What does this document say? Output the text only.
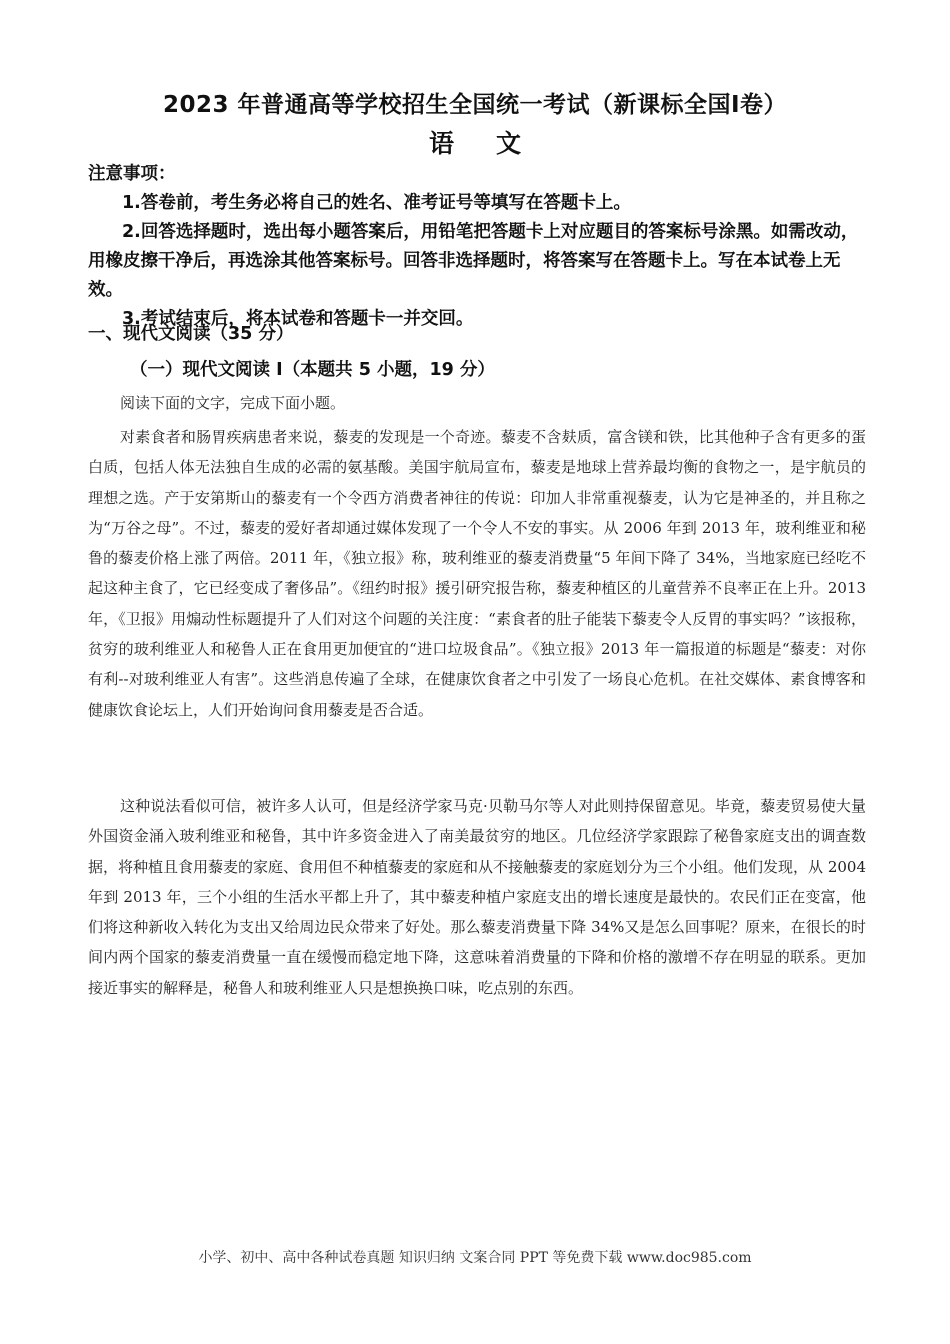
2023 年普通高等学校招生全国统一考试（新课标全国Ⅰ卷）
语文
注意事项：
1.答卷前，考生务必将自己的姓名、准考证号等填写在答题卡上。
2.回答选择题时，选出每小题答案后，用铅笔把答题卡上对应题目的答案标号涂黑。如需改动，用橡皮擦干净后，再选涂其他答案标号。回答非选择题时，将答案写在答题卡上。写在本试卷上无效。
3.考试结束后，将本试卷和答题卡一并交回。
一、现代文阅读（35 分）
（一）现代文阅读 I（本题共 5 小题，19 分）
阅读下面的文字，完成下面小题。

对素食者和肠胃疾病患者来说，藜麦的发现是一个奇迹。藜麦不含麸质，富含镁和铁，比其他种子含有更多的蛋白质，包括人体无法独自生成的必需的氨基酸。美国宇航局宣布，藜麦是地球上营养最均衡的食物之一，是宇航员的理想之选。产于安第斯山的藜麦有一个令西方消费者神往的传说：印加人非常重视藜麦，认为它是神圣的，并且称之为“万谷之母”。不过，藜麦的爱好者却通过媒体发现了一个令人不安的事实。从 2006 年到 2013 年，玻利维亚和秘鲁的藜麦价格上涨了两倍。2011 年，《独立报》称，玻利维亚的藜麦消费量“5 年间下降了 34%，当地家庭已经吃不起这种主食了，它已经变成了奢侈品”。《纽约时报》援引研究报告称，藜麦种植区的儿童营养不良率正在上升。2013 年，《卫报》用煽动性标题提升了人们对这个问题的关注度：“素食者的肚子能装下藜麦令人反胃的事实吗？”该报称，贫穷的玻利维亚人和秘鲁人正在食用更加便宜的“进口垃圾食品”。《独立报》2013 年一篇报道的标题是“藜麦：对你有利--对玻利维亚人有害”。这些消息传遍了全球，在健康饮食者之中引发了一场良心危机。在社交媒体、素食博客和健康饮食论坛上，人们开始询问食用藜麦是否合适。

这种说法看似可信，被许多人认可，但是经济学家马克·贝勒马尔等人对此则持保留意见。毕竟，藜麦贸易使大量外国资金涌入玻利维亚和秘鲁，其中许多资金进入了南美最贫穷的地区。几位经济学家跟踪了秘鲁家庭支出的调查数据，将种植且食用藜麦的家庭、食用但不种植藜麦的家庭和从不接触藜麦的家庭划分为三个小组。他们发现，从 2004 年到 2013 年，三个小组的生活水平都上升了，其中藜麦种植户家庭支出的增长速度是最快的。农民们正在变富，他们将这种新收入转化为支出又给周边民众带来了好处。那么藜麦消费量下降 34%又是怎么回事呢？原来，在很长的时间内两个国家的藜麦消费量一直在缓慢而稳定地下降，这意味着消费量的下降和价格的激增不存在明显的联系。更加接近事实的解释是，秘鲁人和玻利维亚人只是想换换口味，吃点别的东西。

小学、初中、高中各种试卷真题 知识归纳 文案合同 PPT 等免费下载 www.doc985.com
